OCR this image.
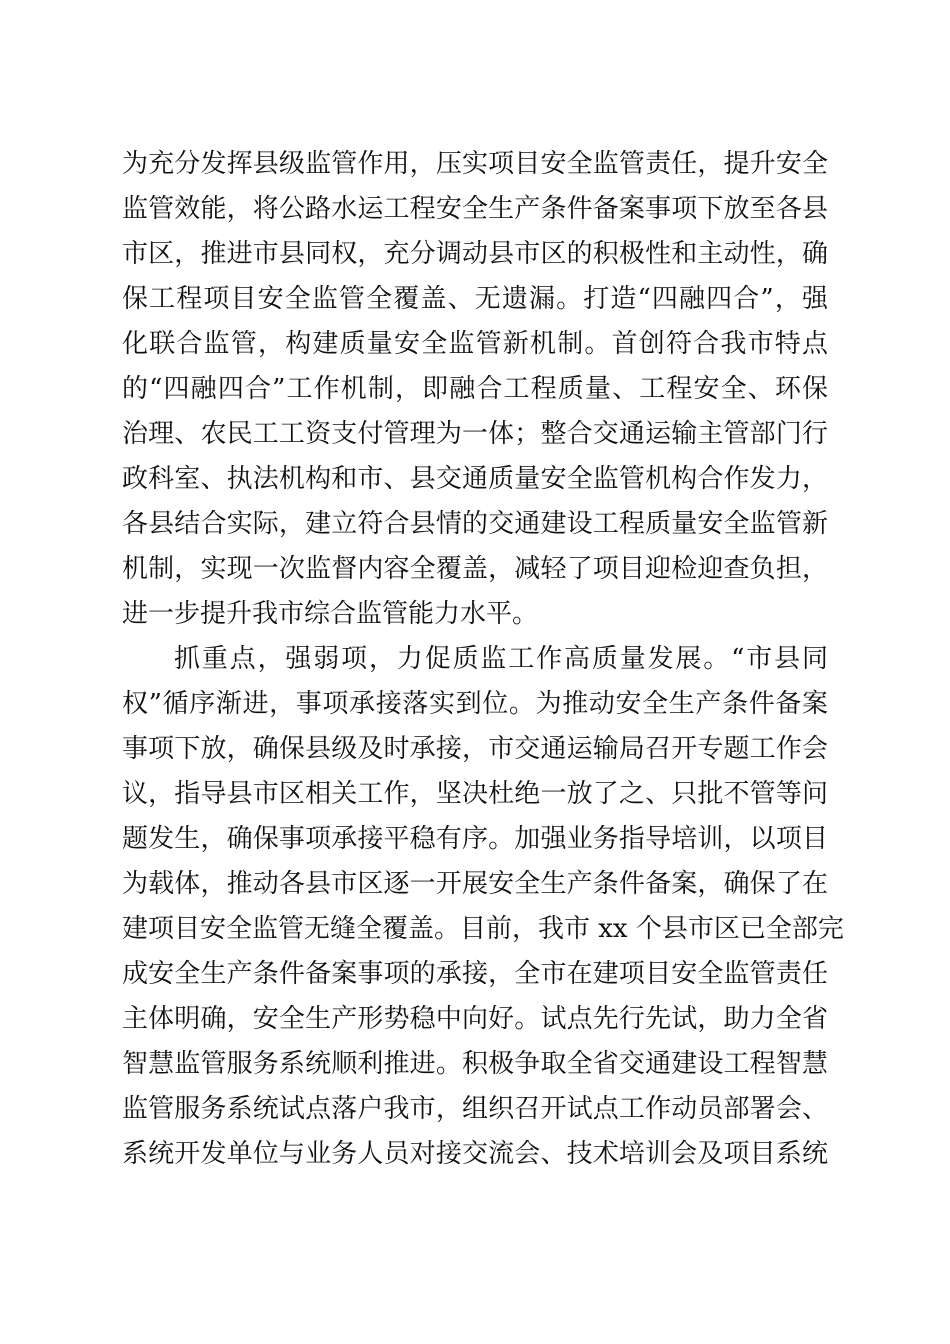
为充分发挥县级监管作用，压实项目安全监管责任，提升安全
监管效能，将公路水运工程安全生产条件备案事项下放至各县
市区，推进市县同权，充分调动县市区的积极性和主动性，确
保工程项目安全监管全覆盖、无遗漏。打造“四融四合”，强
化联合监管，构建质量安全监管新机制。首创符合我市特点
的“四融四合”工作机制，即融合工程质量、工程安全、环保
治理、农民工工资支付管理为一体；整合交通运输主管部门行
政科室、执法机构和市、县交通质量安全监管机构合作发力，
各县结合实际，建立符合县情的交通建设工程质量安全监管新
机制，实现一次监督内容全覆盖，减轻了项目迎检迎查负担，
进一步提升我市综合监管能力水平。
抓重点，强弱项，力促质监工作高质量发展。“市县同
权”循序渐进，事项承接落实到位。为推动安全生产条件备案
事项下放，确保县级及时承接，市交通运输局召开专题工作会
议，指导县市区相关工作，坚决杜绝一放了之、只批不管等问
题发生，确保事项承接平稳有序。加强业务指导培训，以项目
为载体，推动各县市区逐一开展安全生产条件备案，确保了在
建项目安全监管无缝全覆盖。目前，我市 xx 个县市区已全部完
成安全生产条件备案事项的承接，全市在建项目安全监管责任
主体明确，安全生产形势稳中向好。试点先行先试，助力全省
智慧监管服务系统顺利推进。积极争取全省交通建设工程智慧
监管服务系统试点落户我市，组织召开试点工作动员部署会、
系统开发单位与业务人员对接交流会、技术培训会及项目系统
